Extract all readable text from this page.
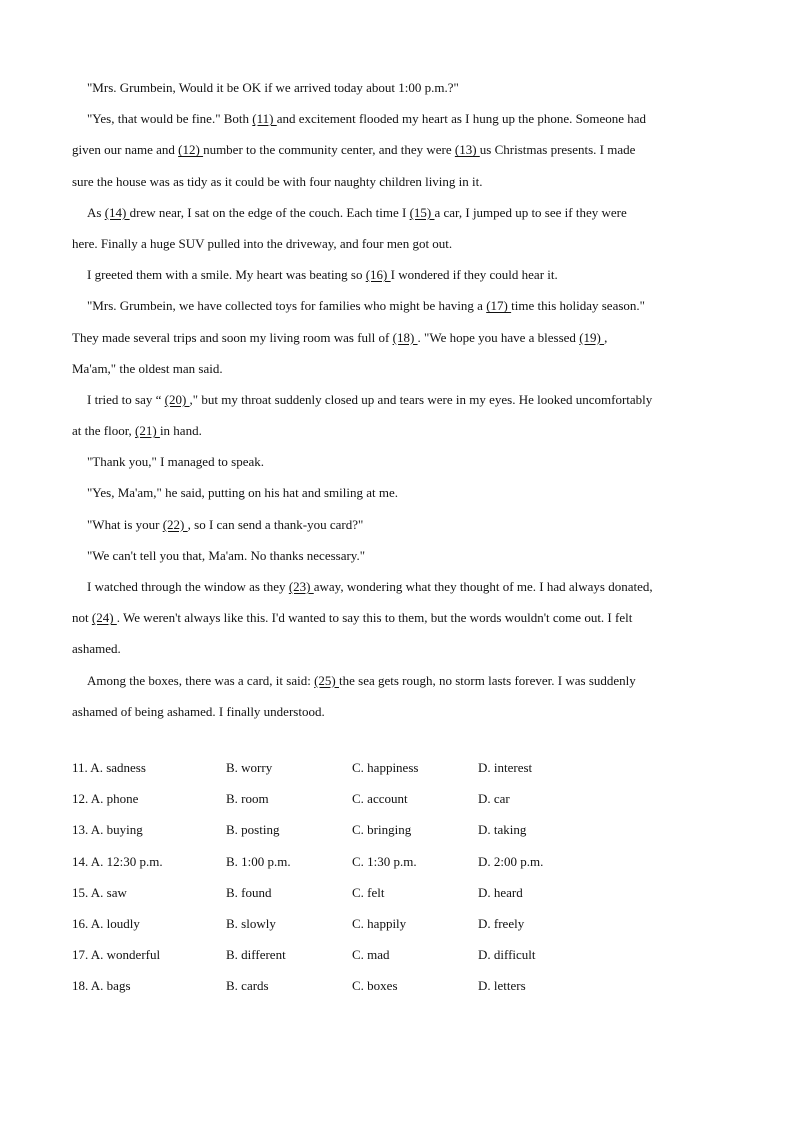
"Mrs. Grumbein, Would it be OK if we arrived today about 1:00 p.m.?"
"Yes, that would be fine." Both (11) and excitement flooded my heart as I hung up the phone. Someone had
given our name and (12) number to the community center, and they were (13) us Christmas presents. I made
sure the house was as tidy as it could be with four naughty children living in it.
As (14) drew near, I sat on the edge of the couch. Each time I (15) a car, I jumped up to see if they were
here. Finally a huge SUV pulled into the driveway, and four men got out.
I greeted them with a smile. My heart was beating so (16) I wondered if they could hear it.
"Mrs. Grumbein, we have collected toys for families who might be having a (17) time this holiday season."
They made several trips and soon my living room was full of (18) . "We hope you have a blessed (19) ,
Ma'am," the oldest man said.
I tried to say “ (20) ," but my throat suddenly closed up and tears were in my eyes. He looked uncomfortably
at the floor, (21) in hand.
"Thank you," I managed to speak.
"Yes, Ma'am," he said, putting on his hat and smiling at me.
"What is your (22) , so I can send a thank-you card?"
"We can't tell you that, Ma'am. No thanks necessary."
I watched through the window as they (23) away, wondering what they thought of me. I had always donated,
not (24) . We weren't always like this. I'd wanted to say this to them, but the words wouldn't come out. I felt
ashamed.
Among the boxes, there was a card, it said: (25) the sea gets rough, no storm lasts forever. I was suddenly
ashamed of being ashamed. I finally understood.
11. A. sadness	B. worry	C. happiness	D. interest
12. A. phone	B. room	C. account	D. car
13. A. buying	B. posting	C. bringing	D. taking
14. A. 12:30 p.m.	B. 1:00 p.m.	C. 1:30 p.m.	D. 2:00 p.m.
15. A. saw	B. found	C. felt	D. heard
16. A. loudly	B. slowly	C. happily	D. freely
17. A. wonderful	B. different	C. mad	D. difficult
18. A. bags	B. cards	C. boxes	D. letters
